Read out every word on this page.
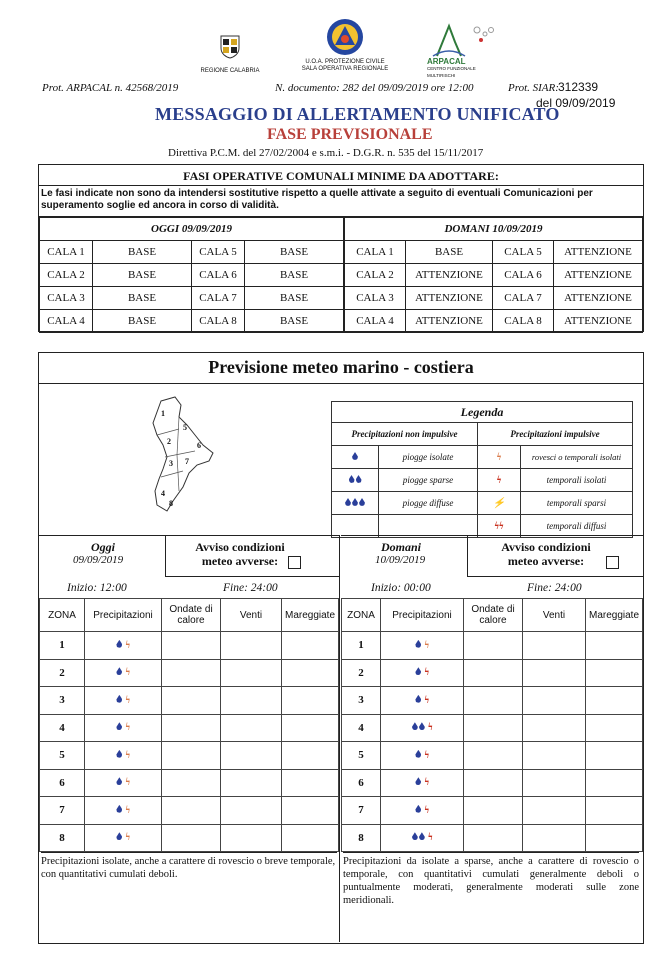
REGIONE CALABRIA
U.O.A. PROTEZIONE CIVILE
SALA OPERATIVA REGIONALE
ARPACAL
CENTRO FUNZIONALE MULTIRISCHI
Prot. ARPACAL n. 42568/2019	N. documento: 282 del 09/09/2019 ore 12:00	Prot. SIAR: 312339
del 09/09/2019
MESSAGGIO DI ALLERTAMENTO UNIFICATO
FASE PREVISIONALE
Direttiva P.C.M. del 27/02/2004 e s.m.i. - D.G.R. n. 535 del 15/11/2017
FASI OPERATIVE COMUNALI MINIME DA ADOTTARE:
Le fasi indicate non sono da intendersi sostitutive rispetto a quelle attivate a seguito di eventuali Comunicazioni per superamento soglie ed ancora in corso di validità.
OGGI 09/09/2019				DOMANI 10/09/2019			
CALA 1	BASE	CALA 5	BASE	CALA 1	BASE	CALA 5	ATTENZIONE
CALA 2	BASE	CALA 6	BASE	CALA 2	ATTENZIONE	CALA 6	ATTENZIONE
CALA 3	BASE	CALA 7	BASE	CALA 3	ATTENZIONE	CALA 7	ATTENZIONE
CALA 4	BASE	CALA 8	BASE	CALA 4	ATTENZIONE	CALA 8	ATTENZIONE
Previsione meteo marino - costiera
1
5
2	6
3 7
4
8
Legenda			
Precipitazioni non impulsive		Precipitazioni impulsive	
	piogge isolate	ϟ	rovesci o temporali isolati
	piogge sparse	ϟ	temporali isolati
	piogge diffuse	⚡	temporali sparsi
		ϟϟ	temporali diffusi
Oggi
09/09/2019
Avviso condizioni meteo avverse:
Inizio: 12:00	Fine: 24:00
ZONA	Precipitazioni	Ondate di calore	Venti	Mareggiate
1	ϟ			
2	ϟ			
3	ϟ			
4	ϟ			
5	ϟ			
6	ϟ			
7	ϟ			
8	ϟ			
Precipitazioni isolate, anche a carattere di rovescio o breve temporale, con quantitativi cumulati deboli.
Domani
10/09/2019
Avviso condizioni meteo avverse:
Inizio: 00:00	Fine: 24:00
ZONA	Precipitazioni	Ondate di calore	Venti	Mareggiate
1	ϟ			
2	ϟ			
3	ϟ			
4	ϟ			
5	ϟ			
6	ϟ			
7	ϟ			
8	ϟ			
Precipitazioni da isolate a sparse, anche a carattere di rovescio o temporale, con quantitativi cumulati generalmente deboli o puntualmente moderati, generalmente moderati sulle zone meridionali.
